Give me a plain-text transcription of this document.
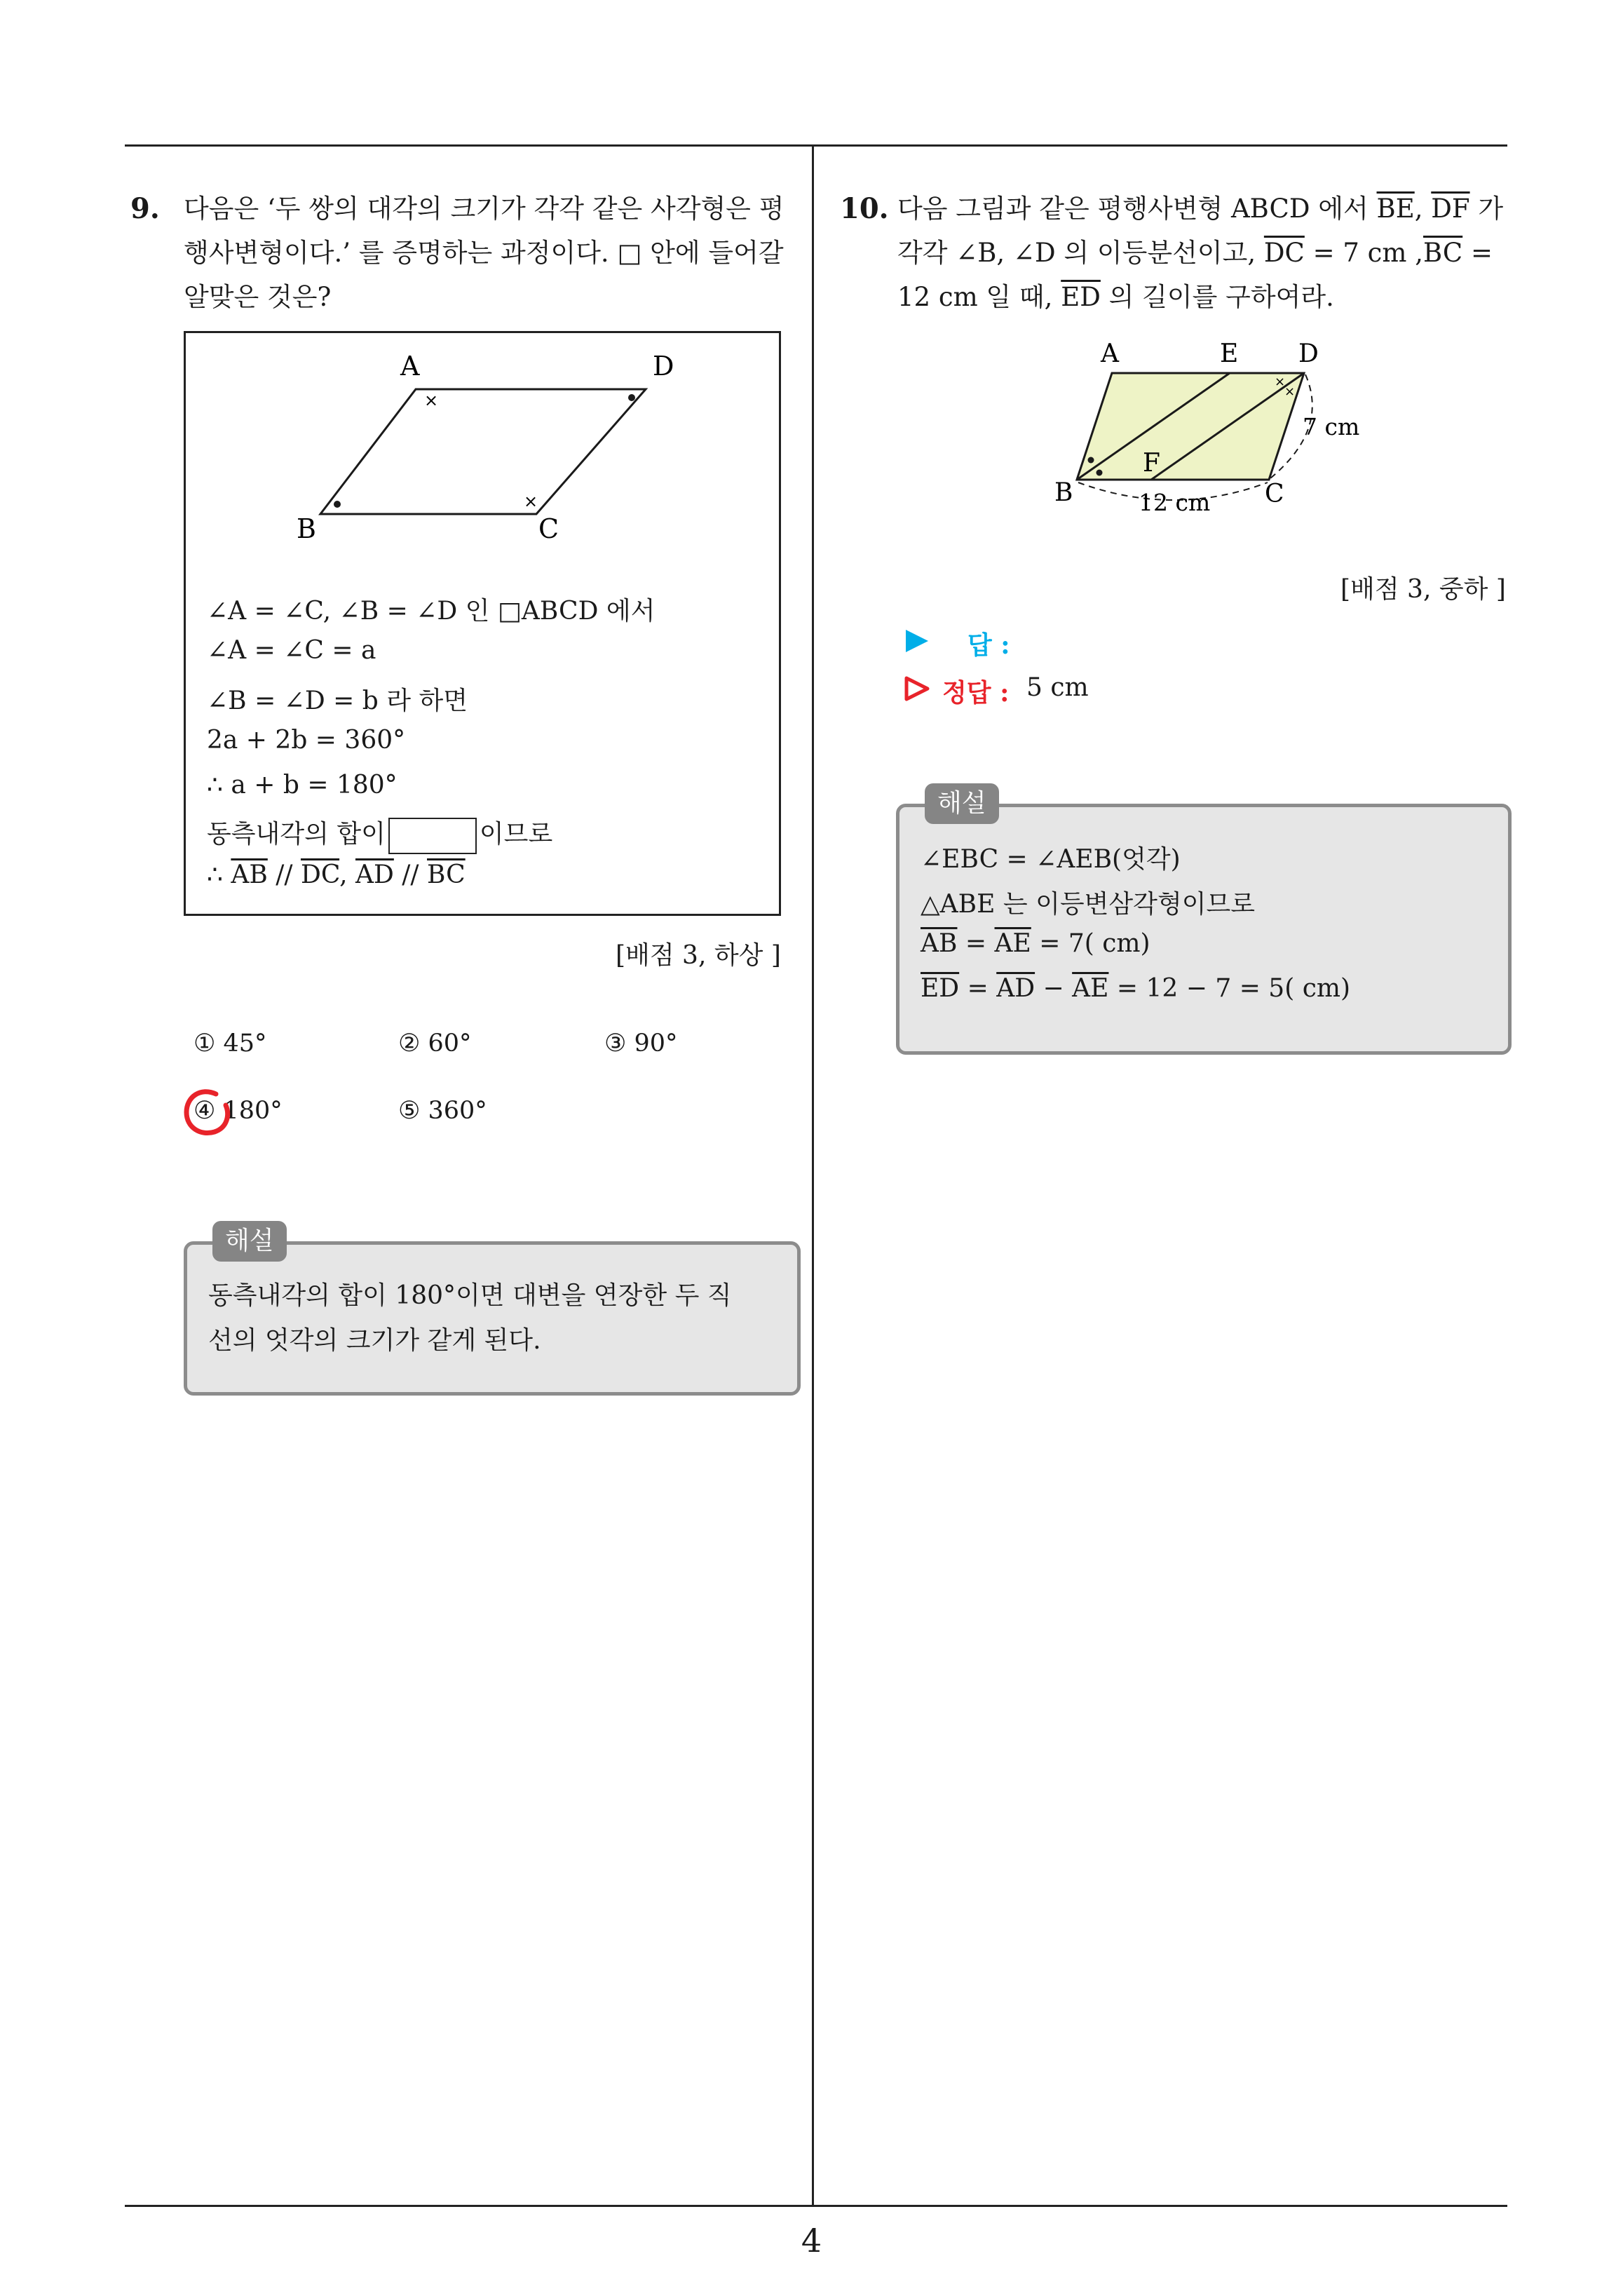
9. 다음은 ‘두 쌍의 대각의 크기가 각각 같은 사각형은 평
행사변형이다.’ 를 증명하는 과정이다. □ 안에 들어갈
알맞은 것은?
A	D
B	C
×
×
∠A = ∠C, ∠B = ∠D 인 □ABCD 에서
∠A = ∠C = a
∠B = ∠D = b 라 하면
2a + 2b = 360°
∴ a + b = 180°
동측내각의 합이	이므로
∴ $\overline{AB} // \overline{DC}$, $\overline{AD} // \overline{BC}$
[배점 3, 하상 ]
① 45°	② 60°	③ 90°
④ 180°	⑤ 360°
해설
동측내각의 합이 180°이면 대변을 연장한 두 직
선의 엇각의 크기가 같게 된다.
10. 다음 그림과 같은 평행사변형 ABCD 에서 $\overline{BE}$, $\overline{DF}$ 가
각각 ∠B, ∠D 의 이등분선이고, $\overline{DC} = 7$ cm $,\overline{BC}$ =
12 cm 일 때, $\overline{ED}$ 의 길이를 구하여라.
A	E D
F
B	C
7 cm
12 cm
×
×
[배점 3, 중하 ]
답 :
정답 : 5 cm
해설
∠EBC = ∠AEB(엇각)
△ABE 는 이등변삼각형이므로
$\overline{AB} = \overline{AE} = 7$( cm)
$\overline{ED} = \overline{AD} - \overline{AE} = 12 - 7 = 5$( cm)
4
